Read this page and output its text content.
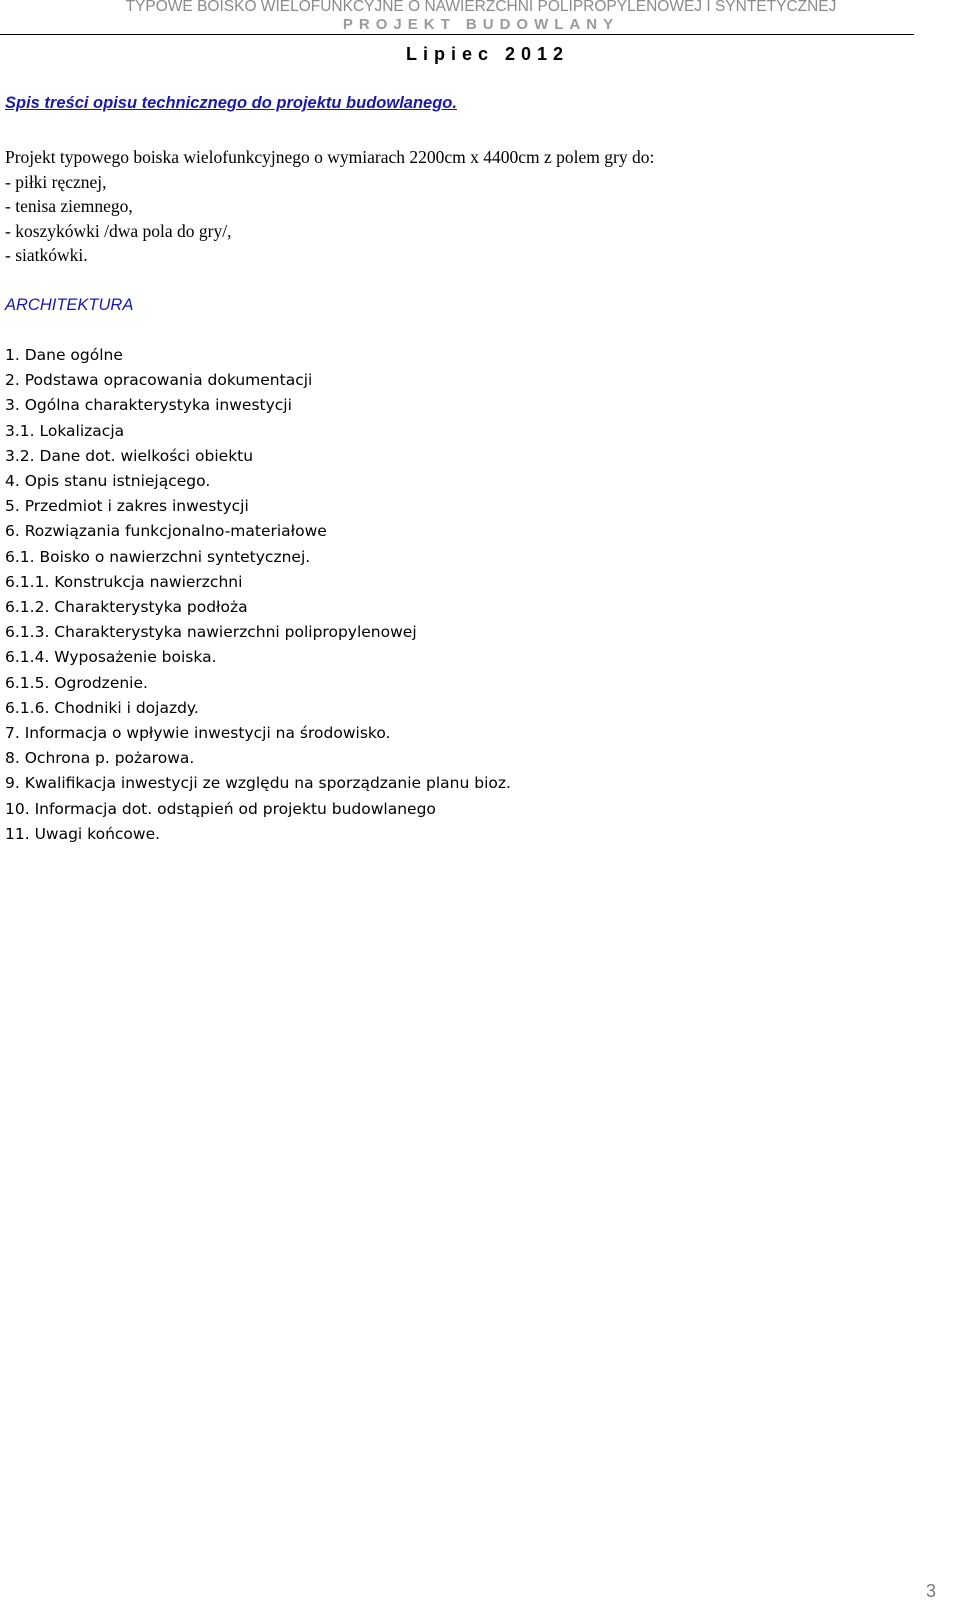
TYPOWE BOISKO WIELOFUNKCYJNE O NAWIERZCHNI POLIPROPYLENOWEJ I SYNTETYCZNEJ
PROJEKT BUDOWLANY
Lipiec 2012
Spis treści opisu technicznego do projektu budowlanego.
Projekt typowego boiska wielofunkcyjnego o wymiarach 2200cm x 4400cm z polem gry do:
- piłki ręcznej,
- tenisa ziemnego,
- koszykówki /dwa pola do gry/,
- siatkówki.
ARCHITEKTURA
1. Dane ogólne
2. Podstawa opracowania dokumentacji
3. Ogólna charakterystyka inwestycji
3.1. Lokalizacja
3.2. Dane dot. wielkości obiektu
4. Opis stanu istniejącego.
5. Przedmiot i zakres inwestycji
6. Rozwiązania funkcjonalno-materiałowe
6.1. Boisko o nawierzchni syntetycznej.
6.1.1. Konstrukcja nawierzchni
6.1.2. Charakterystyka podłoża
6.1.3. Charakterystyka nawierzchni polipropylenowej
6.1.4. Wyposażenie boiska.
6.1.5. Ogrodzenie.
6.1.6. Chodniki i dojazdy.
7. Informacja o wpływie inwestycji na środowisko.
8. Ochrona p. pożarowa.
9. Kwalifikacja inwestycji ze względu na sporządzanie planu bioz.
10. Informacja dot. odstąpień od projektu budowlanego
11. Uwagi końcowe.
3
